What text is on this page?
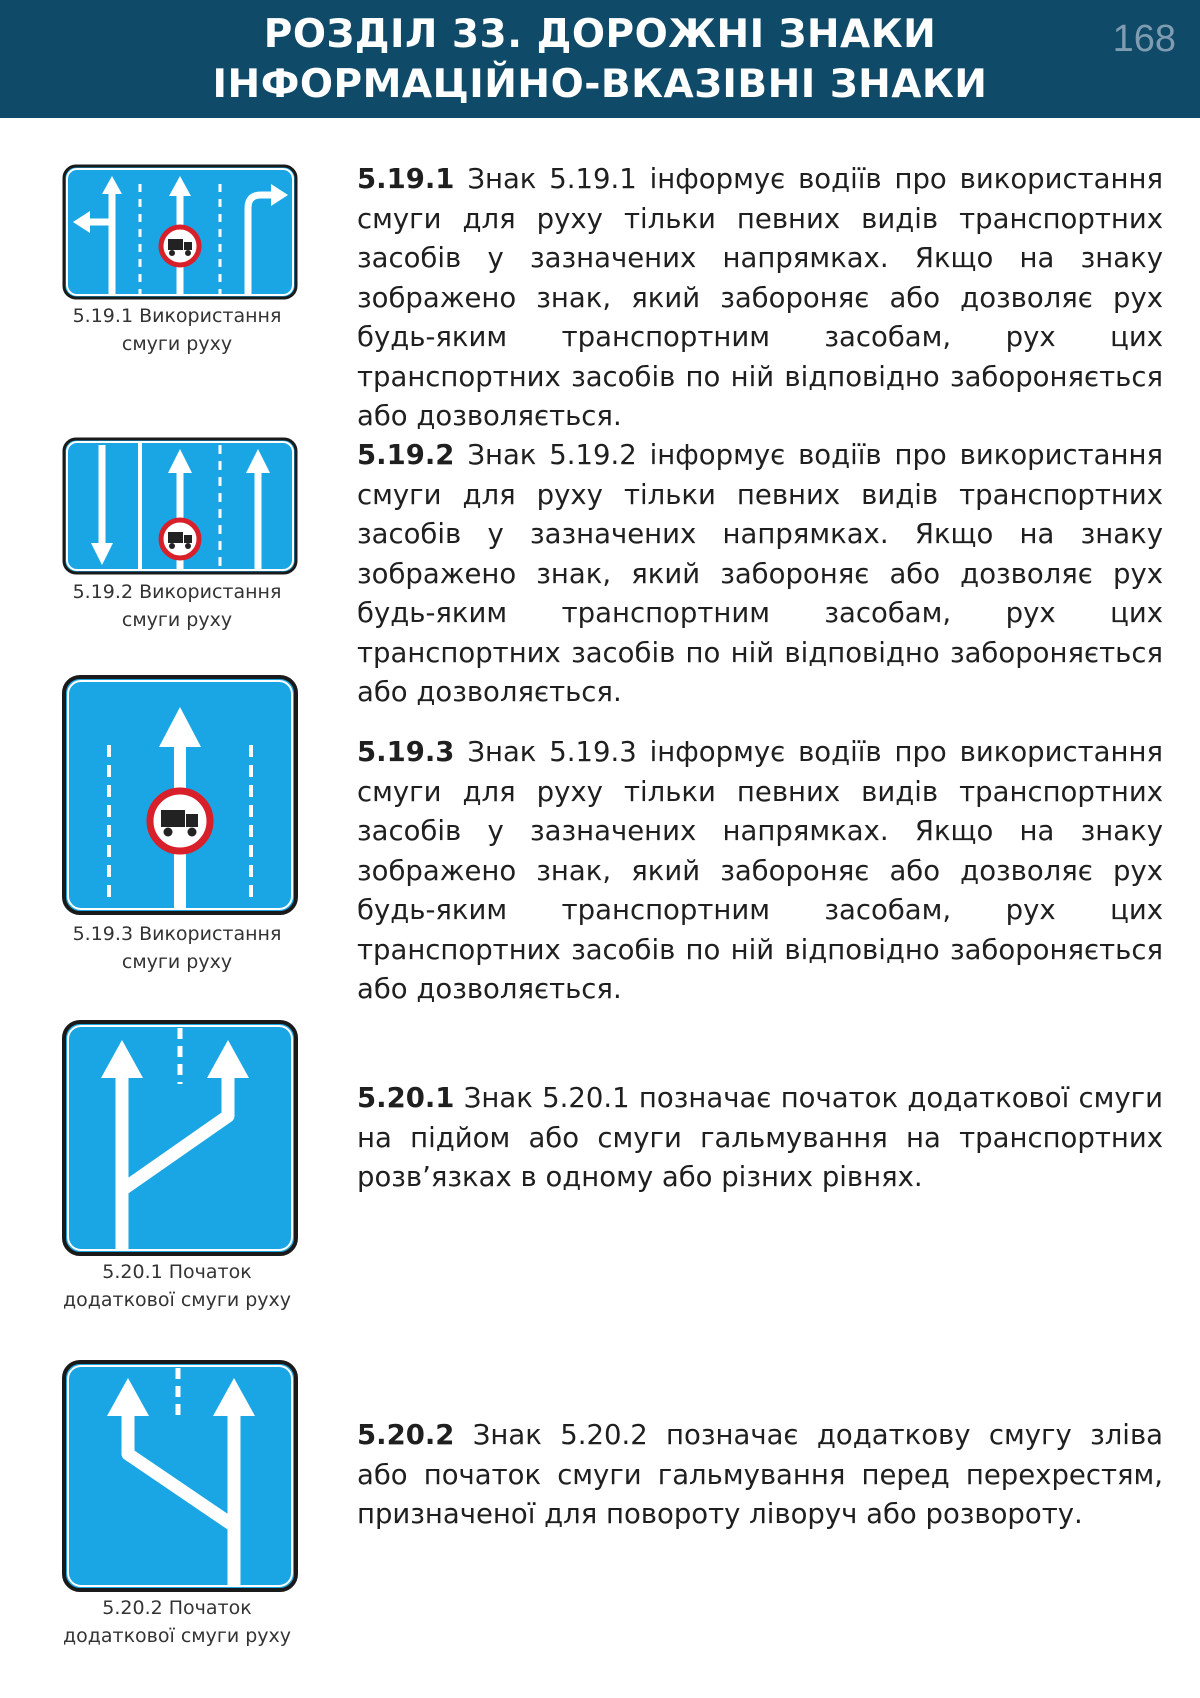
РОЗДІЛ 33. ДОРОЖНІ ЗНАКИ
ІНФОРМАЦІЙНО-ВКАЗІВНІ ЗНАКИ
168
5.19.1 Використання
смуги руху
5.19.1 Знак 5.19.1 інформує водіїв про використання смуги для руху тільки певних видів транспортних засобів у зазначених напрямках. Якщо на знаку зображено знак, який забороняє або дозволяє рух будь-яким транспортним засобам, рух цих транспортних засобів по ній відповідно забороняється або дозволяється.
5.19.2 Використання
смуги руху
5.19.2 Знак 5.19.2 інформує водіїв про використання смуги для руху тільки певних видів транспортних засобів у зазначених напрямках. Якщо на знаку зображено знак, який забороняє або дозволяє рух будь-яким транспортним засобам, рух цих транспортних засобів по ній відповідно забороняється або дозволяється.
5.19.3 Використання
смуги руху
5.19.3 Знак 5.19.3 інформує водіїв про використання смуги для руху тільки певних видів транспортних засобів у зазначених напрямках. Якщо на знаку зображено знак, який забороняє або дозволяє рух будь-яким транспортним засобам, рух цих транспортних засобів по ній відповідно забороняється або дозволяється.
5.20.1 Початок
додаткової смуги руху
5.20.1 Знак 5.20.1 позначає початок додаткової смуги на підйом або смуги гальмування на транспортних розв’язках в одному або різних рівнях.
5.20.2 Початок
додаткової смуги руху
5.20.2 Знак 5.20.2 позначає додаткову смугу зліва або початок смуги гальмування перед перехрестям, призначеної для повороту ліворуч або розвороту.
